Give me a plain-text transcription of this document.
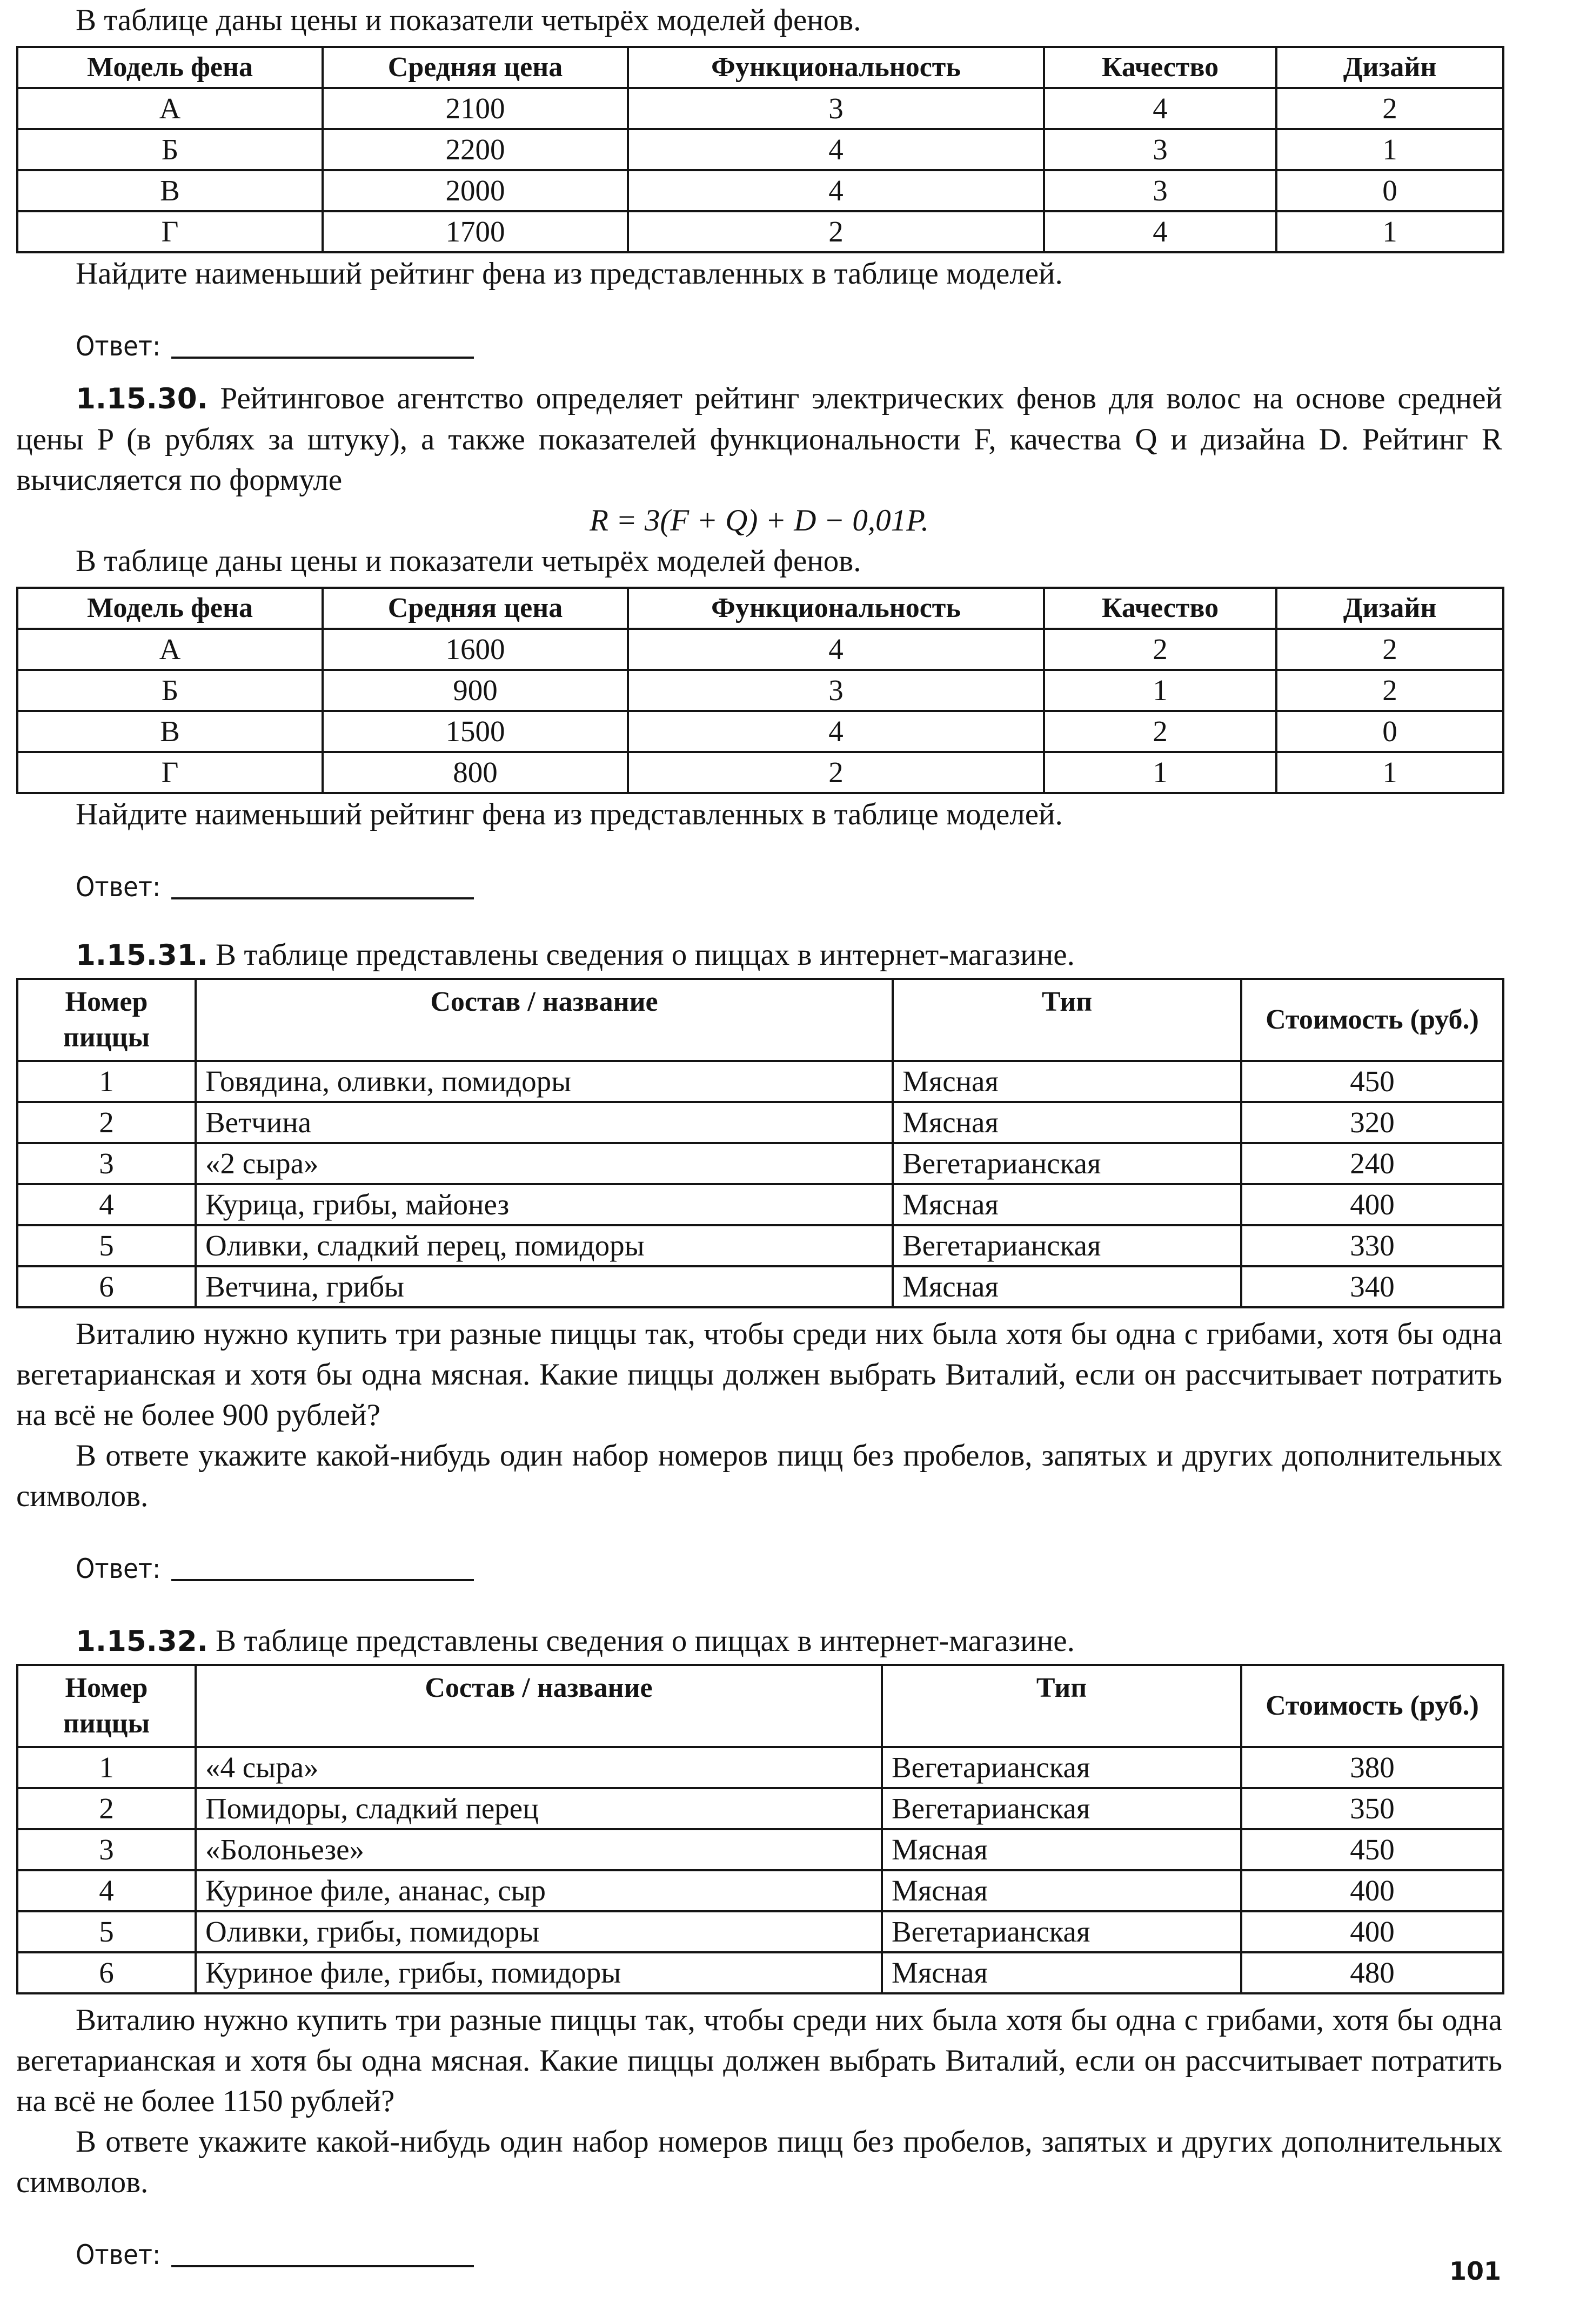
В таблице даны цены и показатели четырёх моделей фенов.

Модель фена	Средняя цена	Функциональность	Качество	Дизайн
А	2100	3	4	2
Б	2200	4	3	1
В	2000	4	3	0
Г	1700	2	4	1

Найдите наименьший рейтинг фена из представленных в таблице моделей.

Ответ:

1.15.30. Рейтинговое агентство определяет рейтинг электрических фенов для волос на основе средней цены P (в рублях за штуку), а также показателей функциональности F, качества Q и дизайна D. Рейтинг R вычисляется по формуле

R = 3(F + Q) + D − 0,01P.

В таблице даны цены и показатели четырёх моделей фенов.

Модель фена	Средняя цена	Функциональность	Качество	Дизайн
А	1600	4	2	2
Б	900	3	1	2
В	1500	4	2	0
Г	800	2	1	1

Найдите наименьший рейтинг фена из представленных в таблице моделей.

Ответ:

1.15.31. В таблице представлены сведения о пиццах в интернет-магазине.

Номер пиццы	Состав / название	Тип	Стоимость (руб.)
1	Говядина, оливки, помидоры	Мясная	450
2	Ветчина	Мясная	320
3	«2 сыра»	Вегетарианская	240
4	Курица, грибы, майонез	Мясная	400
5	Оливки, сладкий перец, помидоры	Вегетарианская	330
6	Ветчина, грибы	Мясная	340

Виталию нужно купить три разные пиццы так, чтобы среди них была хотя бы одна с грибами, хотя бы одна вегетарианская и хотя бы одна мясная. Какие пиццы должен выбрать Виталий, если он рассчитывает потратить на всё не более 900 рублей?

В ответе укажите какой-нибудь один набор номеров пицц без пробелов, запятых и других дополнительных символов.

Ответ:

1.15.32. В таблице представлены сведения о пиццах в интернет-магазине.

Номер пиццы	Состав / название	Тип	Стоимость (руб.)
1	«4 сыра»	Вегетарианская	380
2	Помидоры, сладкий перец	Вегетарианская	350
3	«Болоньезе»	Мясная	450
4	Куриное филе, ананас, сыр	Мясная	400
5	Оливки, грибы, помидоры	Вегетарианская	400
6	Куриное филе, грибы, помидоры	Мясная	480

Виталию нужно купить три разные пиццы так, чтобы среди них была хотя бы одна с грибами, хотя бы одна вегетарианская и хотя бы одна мясная. Какие пиццы должен выбрать Виталий, если он рассчитывает потратить на всё не более 1150 рублей?

В ответе укажите какой-нибудь один набор номеров пицц без пробелов, запятых и других дополнительных символов.

Ответ:
101
